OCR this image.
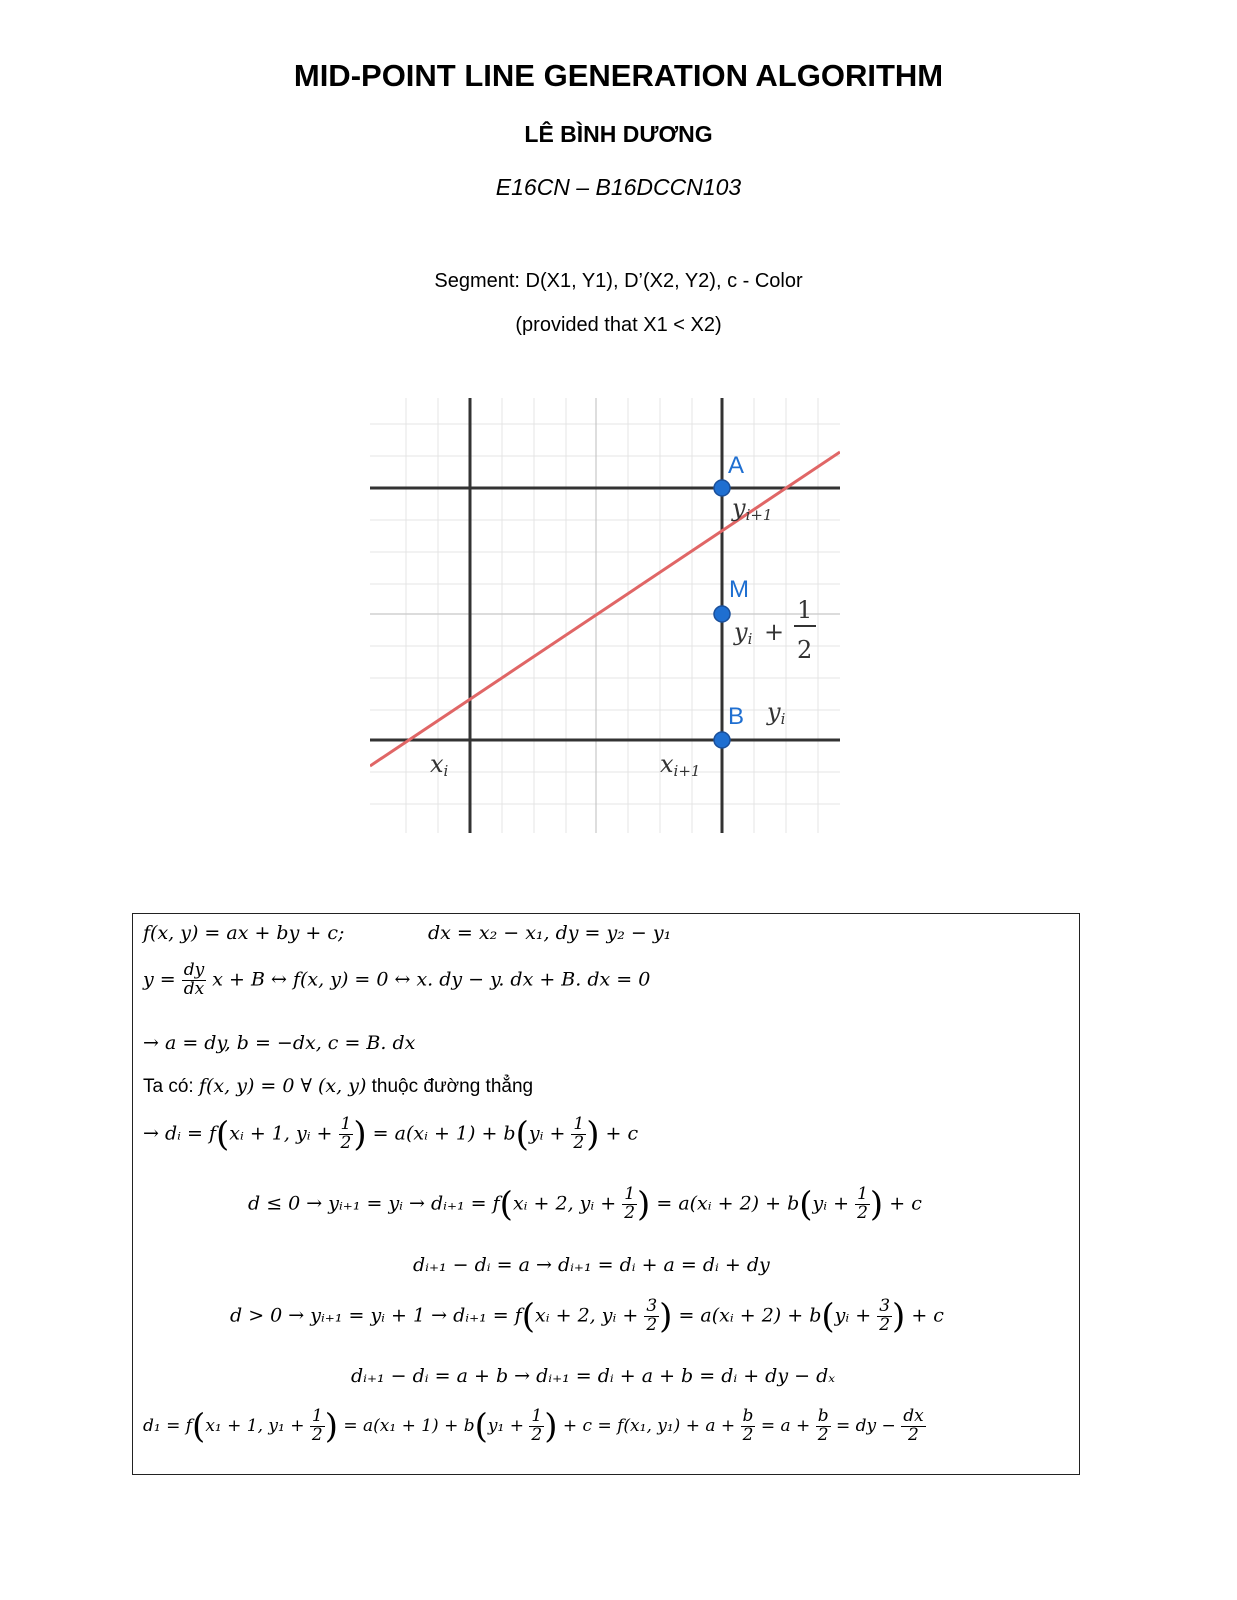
MID-POINT LINE GENERATION ALGORITHM
LÊ BÌNH DƯƠNG
E16CN – B16DCCN103
Segment: D(X1, Y1), D’(X2, Y2), c - Color
(provided that X1 < X2)
A
M
B
yi+1
yi +
1
2
yi
xi	xi+1
f(x, y) = ax + by + c;	dx = x₂ − x₁, dy = y₂ − y₁
$y = \frac{dy}{dx}$ x + B ↔ f(x, y) = 0 ↔ x. dy − y. dx + B. dx = 0
→ a = dy, b = −dx, c = B. dx
Ta có: f(x, y) = 0 ∀ (x, y) thuộc đường thẳng
→ dᵢ = f(xᵢ + 1, yᵢ + $\frac{1}{2}$ ) = a(xᵢ + 1) + b(yᵢ + $\frac{1}{2}$ ) + c
d ≤ 0 → yᵢ₊₁ = yᵢ → dᵢ₊₁ = f(xᵢ + 2, yᵢ + $\frac{1}{2}$ ) = a(xᵢ + 2) + b(yᵢ + $\frac{1}{2}$ ) + c
dᵢ₊₁ − dᵢ = a → dᵢ₊₁ = dᵢ + a = dᵢ + dy
d > 0 → yᵢ₊₁ = yᵢ + 1 → dᵢ₊₁ = f(xᵢ + 2, yᵢ + $\frac{3}{2}$ ) = a(xᵢ + 2) + b(yᵢ + $\frac{3}{2}$ ) + c
dᵢ₊₁ − dᵢ = a + b → dᵢ₊₁ = dᵢ + a + b = dᵢ + dy − dₓ
d₁ = f(x₁ + 1, $y_1 + \frac{1}{2}$ ) = $a(x_1 + 1) + b(y_1 + \frac{1}{2}$ ) + c = f(x₁, $y_1) + a + \frac{b}{2} = a + \frac{b}{2}$ = dy − $\frac{dx}{2}$
